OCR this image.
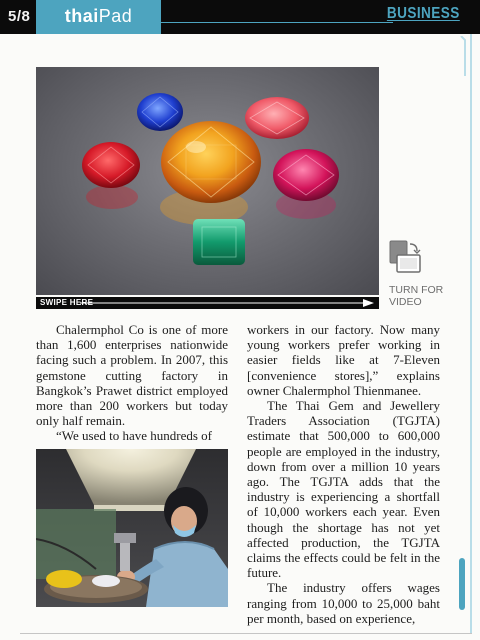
5/8	thaiPad	BUSINESS
SWIPE HERE
TURN FOR
VIDEO

Chalermphol Co is one of more than 1,600 enterprises nationwide facing such a problem. In 2007, this gemstone cutting factory in Bangkok’s Prawet district employed more than 200 workers but today only half remain.

“We used to have hundreds of

workers in our factory. Now many young workers prefer working in easier fields like at 7-Eleven [convenience stores],” explains owner Chalermphol Thienmanee.

The Thai Gem and Jewellery Traders Association (TGJTA) estimate that 500,000 to 600,000 people are employed in the industry, down from over a million 10 years ago. The TGJTA adds that the industry is experiencing a shortfall of 10,000 workers each year. Even though the shortage has not yet affected production, the TGJTA claims the effects could be felt in the future.

The industry offers wages ranging from 10,000 to 25,000 baht per month, based on experience,
